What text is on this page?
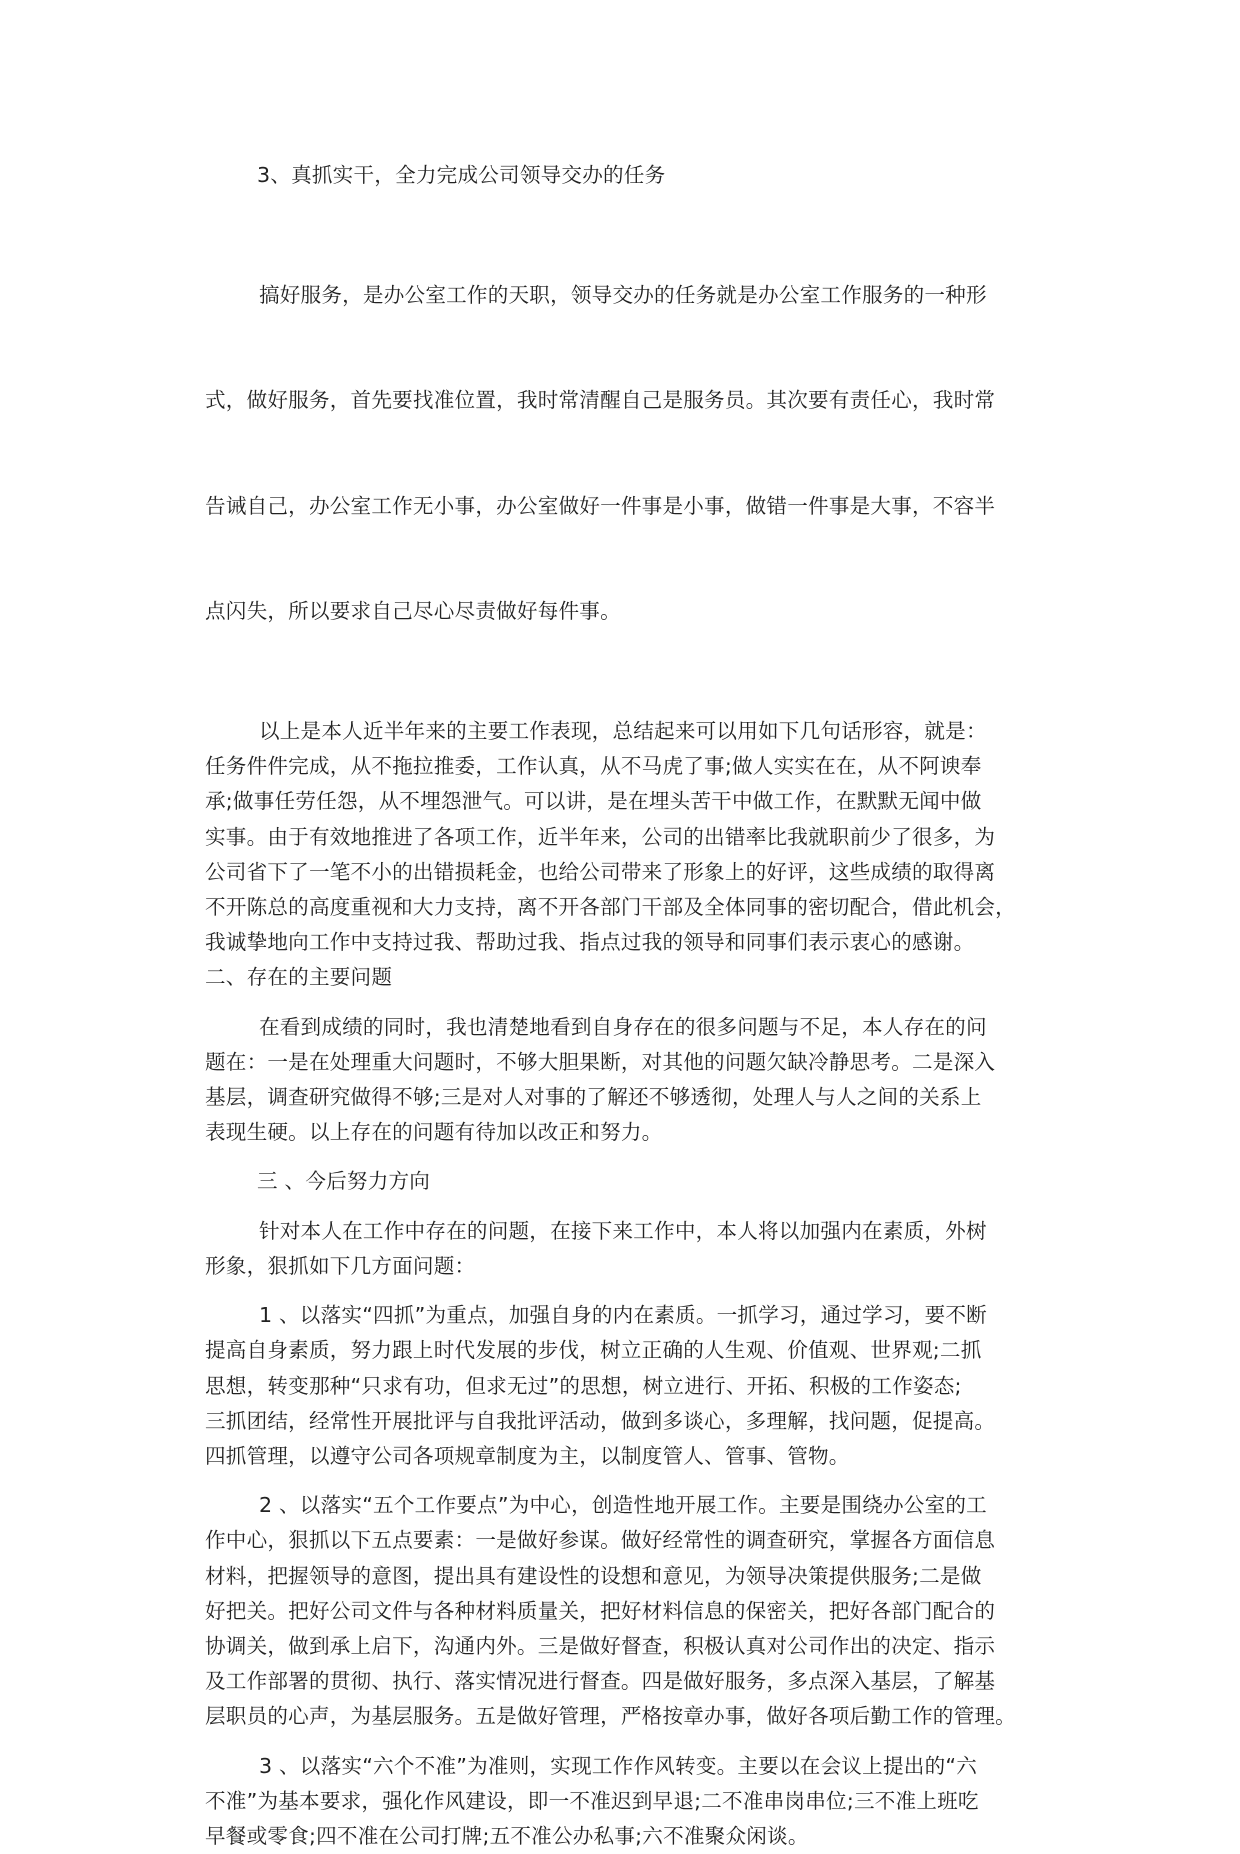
3、真抓实干，全力完成公司领导交办的任务

搞好服务，是办公室工作的天职，领导交办的任务就是办公室工作服务的一种形

式，做好服务，首先要找准位置，我时常清醒自己是服务员。其次要有责任心，我时常

告诫自己，办公室工作无小事，办公室做好一件事是小事，做错一件事是大事，不容半

点闪失，所以要求自己尽心尽责做好每件事。

以上是本人近半年来的主要工作表现，总结起来可以用如下几句话形容，就是：
任务件件完成，从不拖拉推委，工作认真，从不马虎了事;做人实实在在，从不阿谀奉
承;做事任劳任怨，从不埋怨泄气。可以讲，是在埋头苦干中做工作，在默默无闻中做
实事。由于有效地推进了各项工作，近半年来，公司的出错率比我就职前少了很多，为
公司省下了一笔不小的出错损耗金，也给公司带来了形象上的好评，这些成绩的取得离
不开陈总的高度重视和大力支持，离不开各部门干部及全体同事的密切配合，借此机会，
我诚挚地向工作中支持过我、帮助过我、指点过我的领导和同事们表示衷心的感谢。
二、存在的主要问题
在看到成绩的同时，我也清楚地看到自身存在的很多问题与不足，本人存在的问
题在：一是在处理重大问题时，不够大胆果断，对其他的问题欠缺冷静思考。二是深入
基层，调查研究做得不够;三是对人对事的了解还不够透彻，处理人与人之间的关系上
表现生硬。以上存在的问题有待加以改正和努力。
三 、今后努力方向
针对本人在工作中存在的问题，在接下来工作中，本人将以加强内在素质，外树
形象，狠抓如下几方面问题：
1 、以落实“四抓”为重点，加强自身的内在素质。一抓学习，通过学习，要不断
提高自身素质，努力跟上时代发展的步伐，树立正确的人生观、价值观、世界观;二抓
思想，转变那种“只求有功，但求无过”的思想，树立进行、开拓、积极的工作姿态;
三抓团结，经常性开展批评与自我批评活动，做到多谈心，多理解，找问题，促提高。
四抓管理，以遵守公司各项规章制度为主，以制度管人、管事、管物。
2 、以落实“五个工作要点”为中心，创造性地开展工作。主要是围绕办公室的工
作中心，狠抓以下五点要素：一是做好参谋。做好经常性的调查研究，掌握各方面信息
材料，把握领导的意图，提出具有建设性的设想和意见，为领导决策提供服务;二是做
好把关。把好公司文件与各种材料质量关，把好材料信息的保密关，把好各部门配合的
协调关，做到承上启下，沟通内外。三是做好督查，积极认真对公司作出的决定、指示
及工作部署的贯彻、执行、落实情况进行督查。四是做好服务，多点深入基层，了解基
层职员的心声，为基层服务。五是做好管理，严格按章办事，做好各项后勤工作的管理。
3 、以落实“六个不准”为准则，实现工作作风转变。主要以在会议上提出的“六
不准”为基本要求，强化作风建设，即一不准迟到早退;二不准串岗串位;三不准上班吃
早餐或零食;四不准在公司打牌;五不准公办私事;六不准聚众闲谈。
